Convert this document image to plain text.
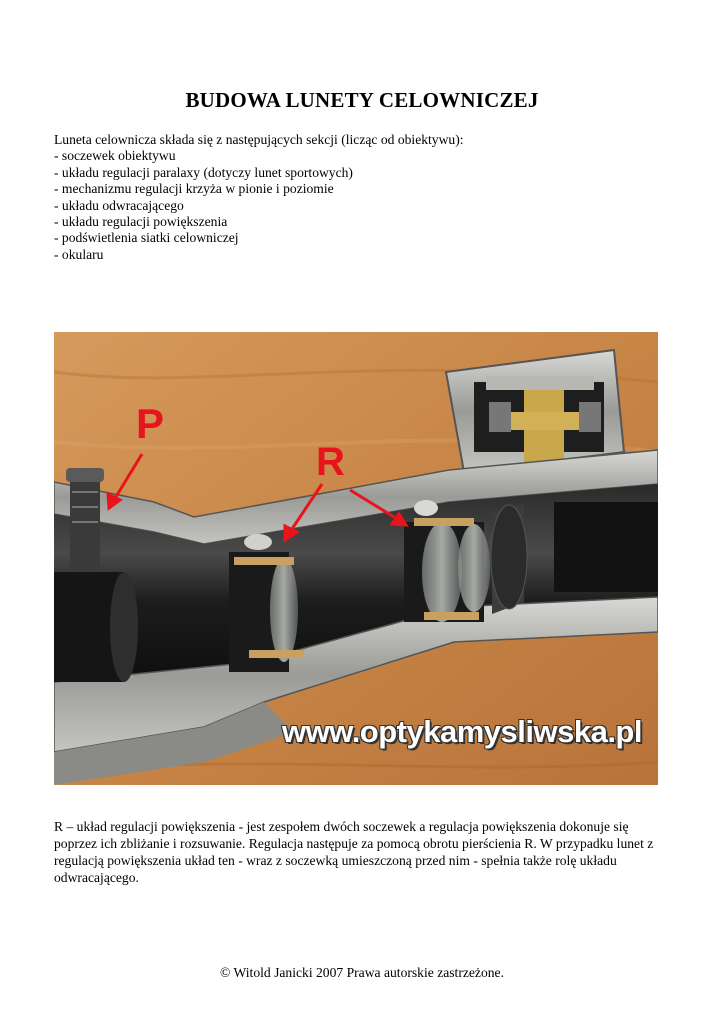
BUDOWA LUNETY CELOWNICZEJ

Luneta celownicza składa się z następujących sekcji (licząc od obiektywu):

- soczewek obiektywu
- układu regulacji paralaxy (dotyczy lunet sportowych)
- mechanizmu regulacji krzyża w pionie i poziomie
- układu odwracającego
- układu regulacji powiększenia
- podświetlenia siatki celowniczej
- okularu
P
R
www.optykamysliwska.pl
R – układ regulacji powiększenia - jest zespołem dwóch soczewek a regulacja powiększenia dokonuje się poprzez ich zbliżanie i rozsuwanie. Regulacja następuje za pomocą obrotu pierścienia R. W przypadku lunet z regulacją powiększenia układ ten - wraz z soczewką umieszczoną przed nim - spełnia także rolę układu odwracającego.
© Witold Janicki 2007 Prawa autorskie zastrzeżone.
